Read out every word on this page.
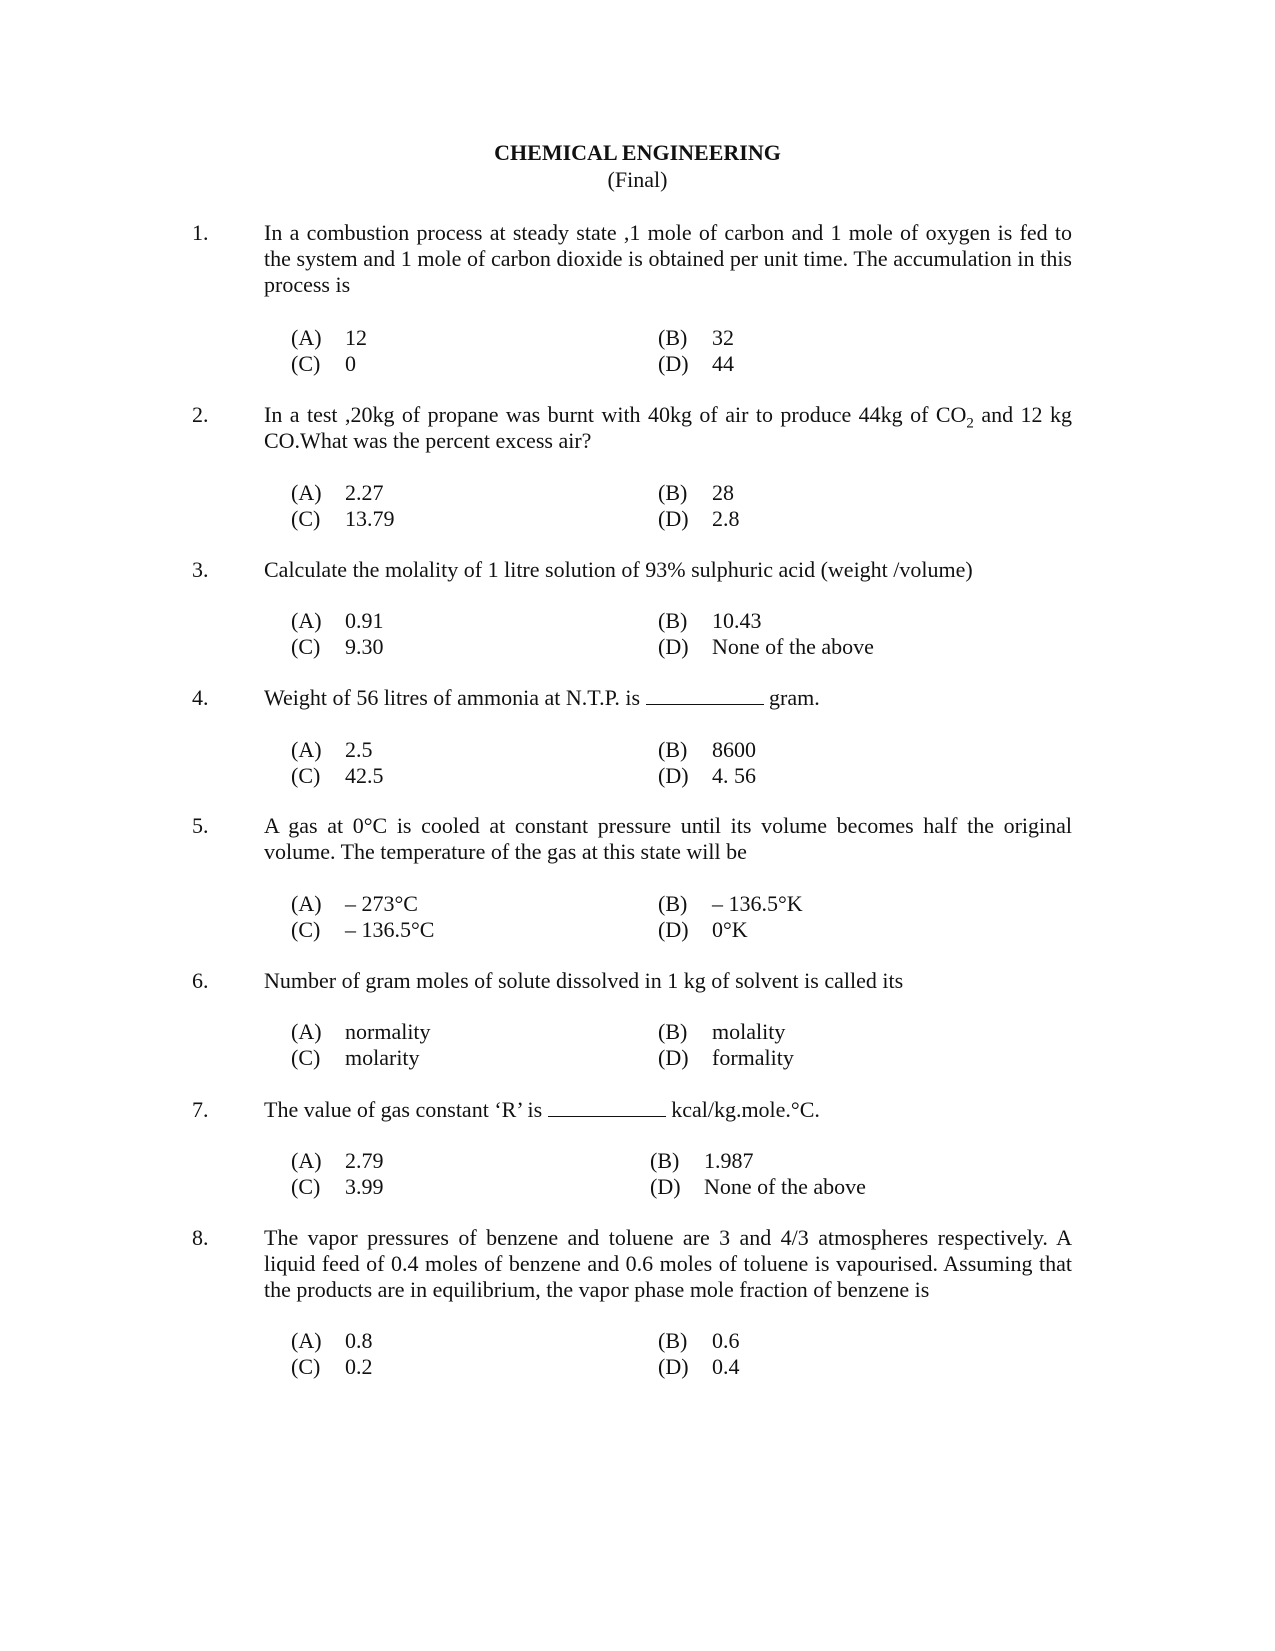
CHEMICAL ENGINEERING
(Final)
1.	In a combustion process at steady state ,1 mole of carbon and 1 mole of oxygen is fed to the system and 1 mole of carbon dioxide is obtained per unit time. The accumulation in this process is
(A) 12	(B) 32
(C) 0	(D) 44
2.	In a test ,20kg of propane was burnt with 40kg of air to produce 44kg of $CO_2$ and 12 kg CO.What was the percent excess air?
(A) 2.27	(B) 28
(C) 13.79	(D) 2.8
3.	Calculate the molality of 1 litre solution of 93% sulphuric acid (weight /volume)
(A) 0.91	(B) 10.43
(C) 9.30	(D) None of the above
4.	Weight of 56 litres of ammonia at N.T.P. is	gram.
(A) 2.5	(B) 8600
(C) 42.5	(D) 4. 56
5.	A gas at 0°C is cooled at constant pressure until its volume becomes half the original volume. The temperature of the gas at this state will be
(A) – 273°C	(B) – 136.5°K
(C) – 136.5°C	(D) 0°K
6.	Number of gram moles of solute dissolved in 1 kg of solvent is called its
(A) normality	(B) molality
(C) molarity	(D) formality
7.	The value of gas constant ‘R’ is	kcal/kg.mole.°C.
(A) 2.79	(B) 1.987
(C) 3.99	(D) None of the above
8.	The vapor pressures of benzene and toluene are 3 and 4/3 atmospheres respectively. A liquid feed of 0.4 moles of benzene and 0.6 moles of toluene is vapourised. Assuming that the products are in equilibrium, the vapor phase mole fraction of benzene is
(A) 0.8	(B) 0.6
(C) 0.2	(D) 0.4
